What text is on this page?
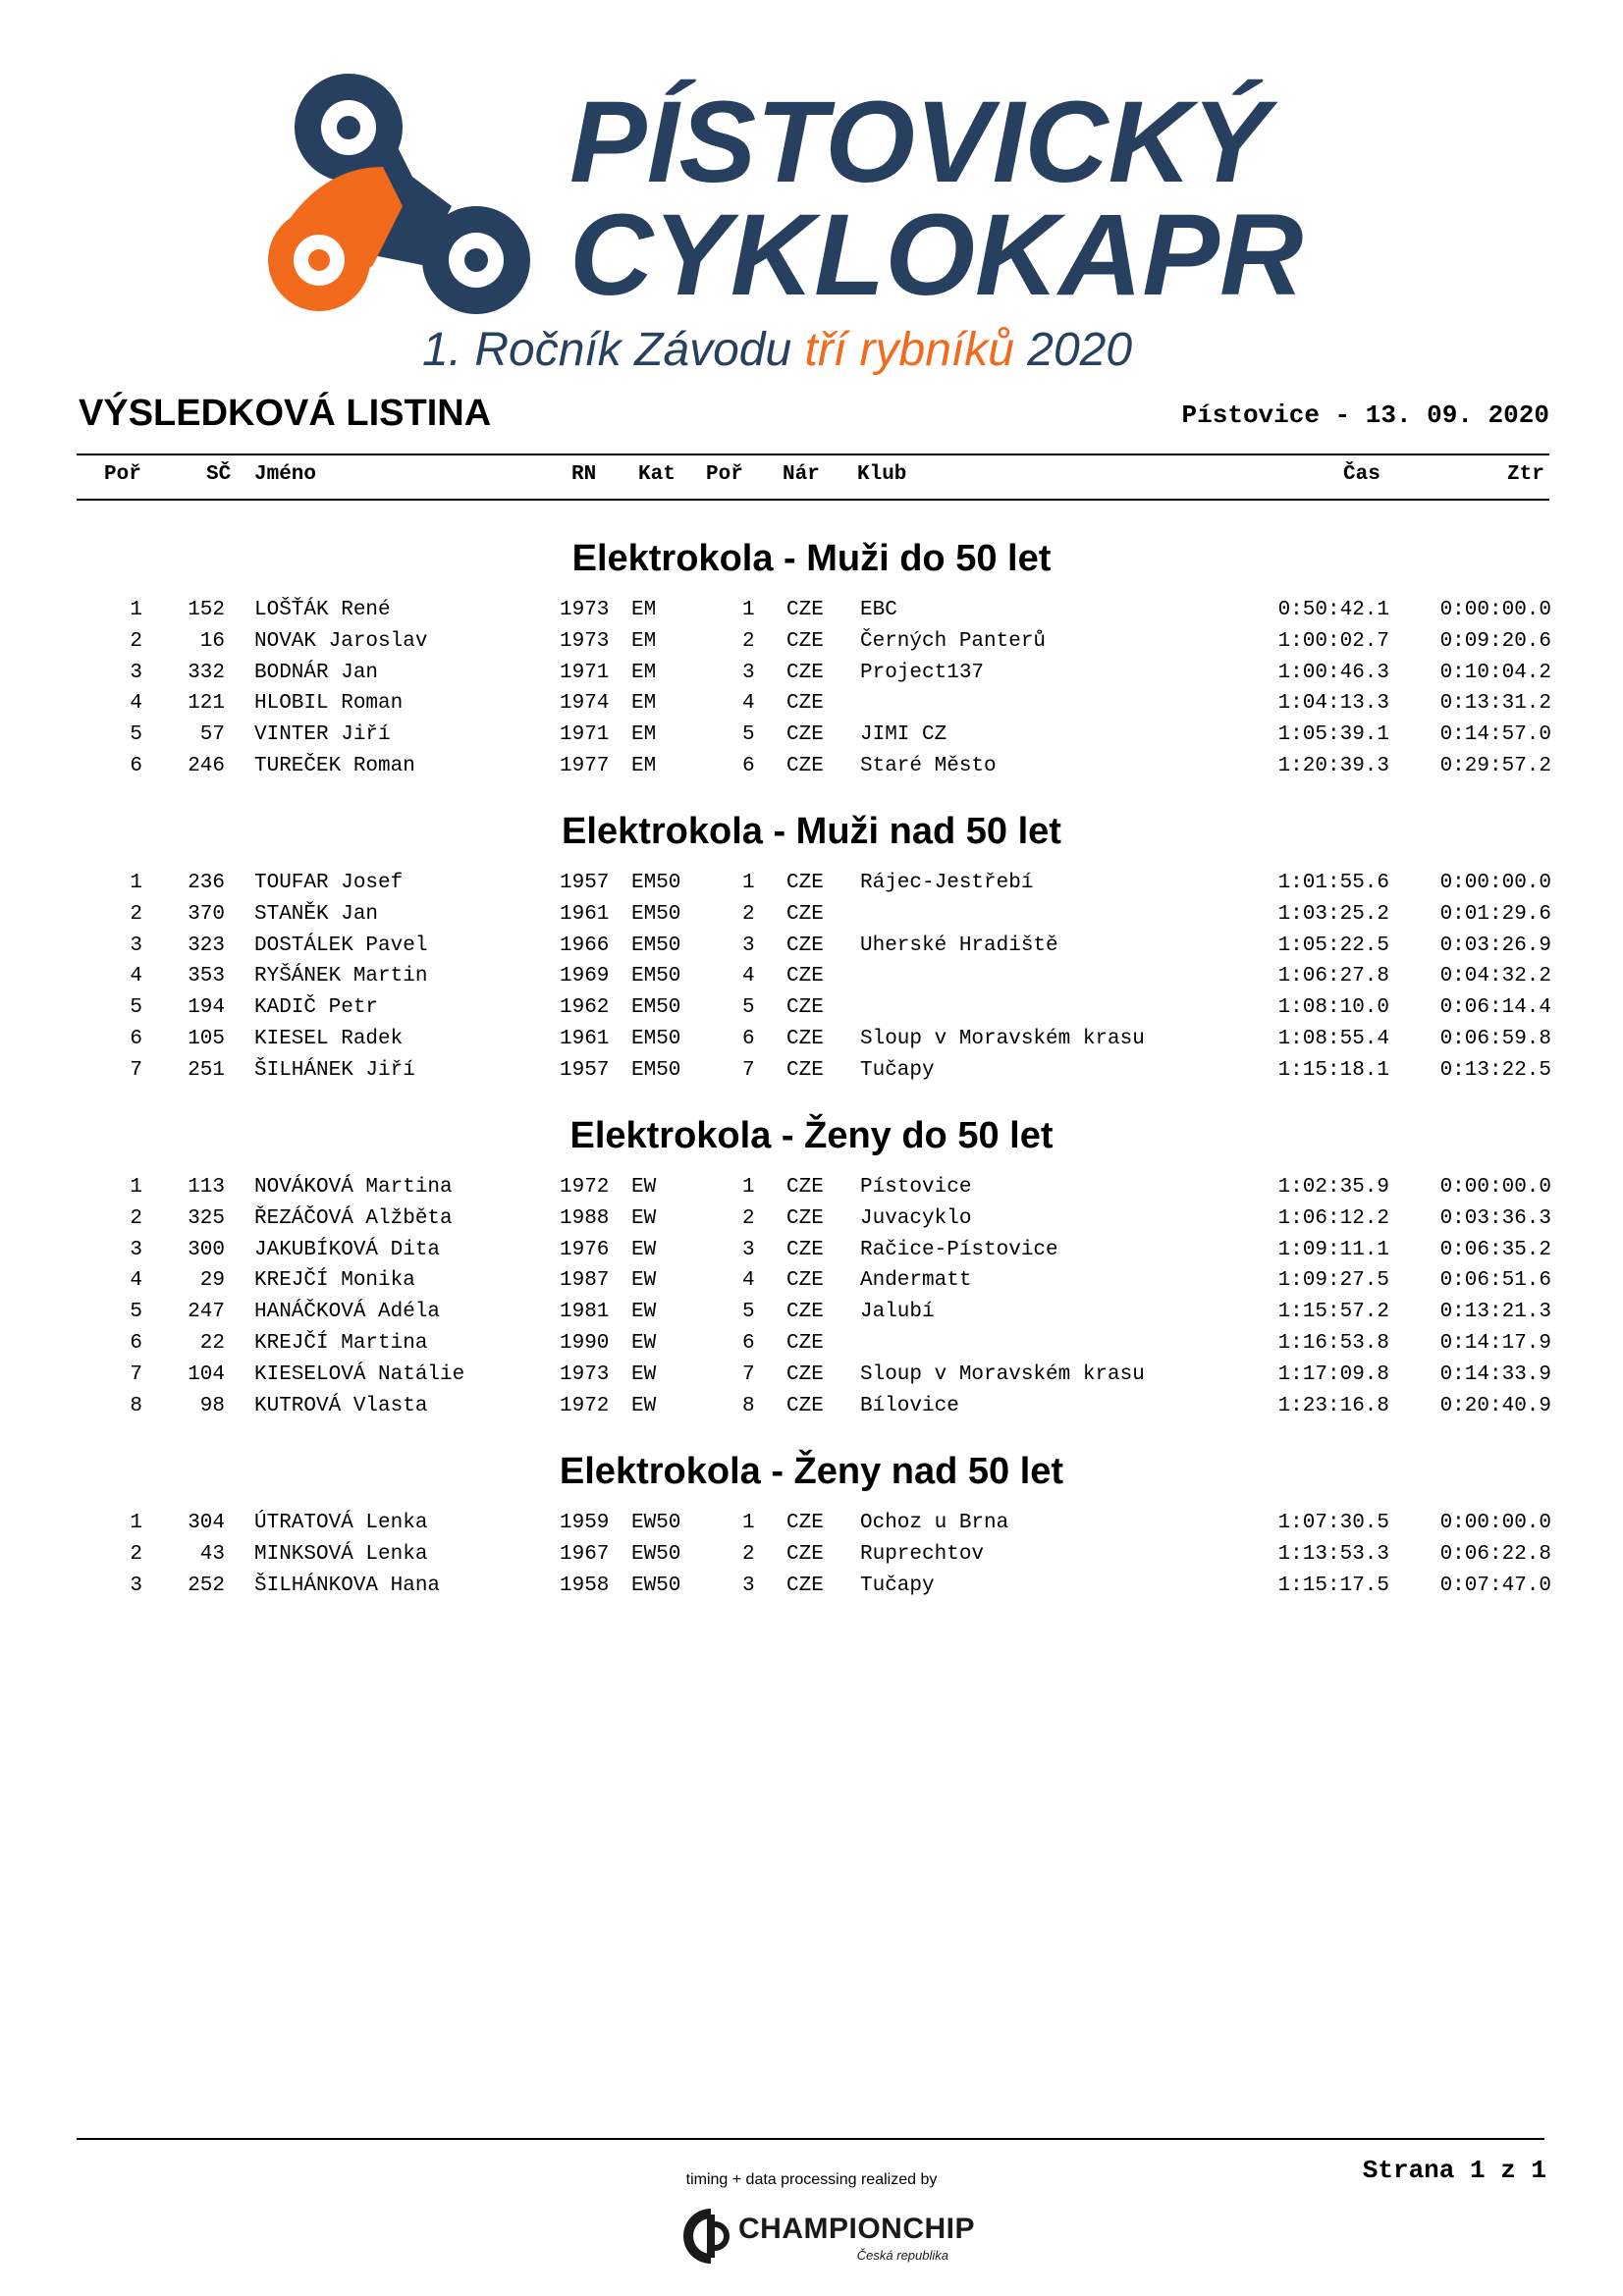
PÍSTOVICKÝ
CYKLOKAPR
1. Ročník Závodu tří rybníků 2020
VÝSLEDKOVÁ LISTINA	Pístovice - 13. 09. 2020
Poř	SČ Jméno	RN Kat Poř Nár Klub	Čas	Ztr
Elektrokola - Muži do 50 let
1 152 LOŠŤÁK René	1973 EM	1 CZE EBC	0:50:42.1 0:00:00.0
2	16 NOVAK Jaroslav	1973 EM	2 CZE Černých Panterů	1:00:02.7 0:09:20.6
3 332 BODNÁR Jan	1971 EM	3 CZE Project137	1:00:46.3 0:10:04.2
4 121 HLOBIL Roman	1974 EM	4 CZE	1:04:13.3 0:13:31.2
5	57 VINTER Jiří	1971 EM	5 CZE JIMI CZ	1:05:39.1 0:14:57.0
6 246 TUREČEK Roman	1977 EM	6 CZE Staré Město	1:20:39.3 0:29:57.2
Elektrokola - Muži nad 50 let
1 236 TOUFAR Josef	1957 EM50	1 CZE Rájec-Jestřebí	1:01:55.6 0:00:00.0
2 370 STANĚK Jan	1961 EM50	2 CZE	1:03:25.2 0:01:29.6
3 323 DOSTÁLEK Pavel	1966 EM50	3 CZE Uherské Hradiště	1:05:22.5 0:03:26.9
4 353 RYŠÁNEK Martin	1969 EM50	4 CZE	1:06:27.8 0:04:32.2
5 194 KADIČ Petr	1962 EM50	5 CZE	1:08:10.0 0:06:14.4
6 105 KIESEL Radek	1961 EM50	6 CZE Sloup v Moravském krasu	1:08:55.4 0:06:59.8
7 251 ŠILHÁNEK Jiří	1957 EM50	7 CZE Tučapy	1:15:18.1 0:13:22.5
Elektrokola - Ženy do 50 let
1 113 NOVÁKOVÁ Martina	1972 EW	1 CZE Pístovice	1:02:35.9 0:00:00.0
2 325 ŘEZÁČOVÁ Alžběta	1988 EW	2 CZE Juvacyklo	1:06:12.2 0:03:36.3
3 300 JAKUBÍKOVÁ Dita	1976 EW	3 CZE Račice-Pístovice	1:09:11.1 0:06:35.2
4	29 KREJČÍ Monika	1987 EW	4 CZE Andermatt	1:09:27.5 0:06:51.6
5 247 HANÁČKOVÁ Adéla	1981 EW	5 CZE Jalubí	1:15:57.2 0:13:21.3
6	22 KREJČÍ Martina	1990 EW	6 CZE	1:16:53.8 0:14:17.9
7 104 KIESELOVÁ Natálie	1973 EW	7 CZE Sloup v Moravském krasu	1:17:09.8 0:14:33.9
8	98 KUTROVÁ Vlasta	1972 EW	8 CZE Bílovice	1:23:16.8 0:20:40.9
Elektrokola - Ženy nad 50 let
1 304 ÚTRATOVÁ Lenka	1959 EW50	1 CZE Ochoz u Brna	1:07:30.5 0:00:00.0
2	43 MINKSOVÁ Lenka	1967 EW50	2 CZE Ruprechtov	1:13:53.3 0:06:22.8
3 252 ŠILHÁNKOVA Hana	1958 EW50	3 CZE Tučapy	1:15:17.5 0:07:47.0
Strana 1 z 1
timing + data processing realized by
CHAMPIONCHIP
Česká republika
